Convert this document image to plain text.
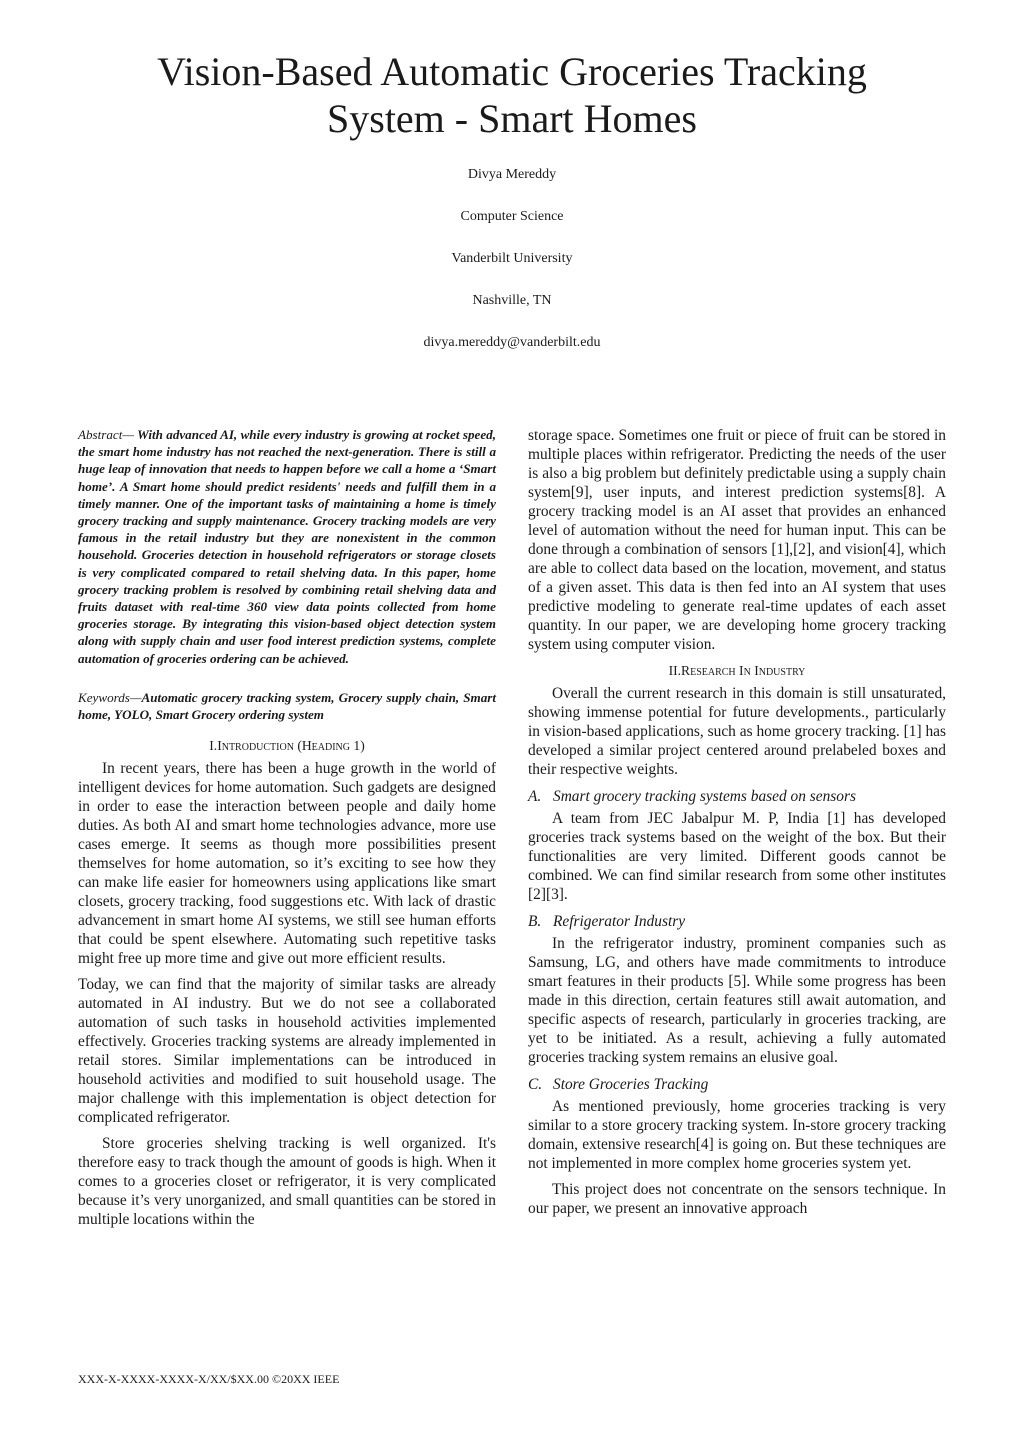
Vision-Based Automatic Groceries Tracking
System - Smart Homes
Divya Mereddy
Computer Science
Vanderbilt University
Nashville, TN
divya.mereddy@vanderbilt.edu

Abstract— With advanced AI, while every industry is growing at rocket speed, the smart home industry has not reached the next-generation. There is still a huge leap of innovation that needs to happen before we call a home a ‘Smart home’. A Smart home should predict residents' needs and fulfill them in a timely manner. One of the important tasks of maintaining a home is timely grocery tracking and supply maintenance. Grocery tracking models are very famous in the retail industry but they are nonexistent in the common household. Groceries detection in household refrigerators or storage closets is very complicated compared to retail shelving data. In this paper, home grocery tracking problem is resolved by combining retail shelving data and fruits dataset with real-time 360 view data points collected from home groceries storage. By integrating this vision-based object detection system along with supply chain and user food interest prediction systems, complete automation of groceries ordering can be achieved.

Keywords—Automatic grocery tracking system, Grocery supply chain, Smart home, YOLO, Smart Grocery ordering system

I.Introduction (Heading 1)

In recent years, there has been a huge growth in the world of intelligent devices for home automation. Such gadgets are designed in order to ease the interaction between people and daily home duties. As both AI and smart home technologies advance, more use cases emerge. It seems as though more possibilities present themselves for home automation, so it’s exciting to see how they can make life easier for homeowners using applications like smart closets, grocery tracking, food suggestions etc. With lack of drastic advancement in smart home AI systems, we still see human efforts that could be spent elsewhere. Automating such repetitive tasks might free up more time and give out more efficient results.

Today, we can find that the majority of similar tasks are already automated in AI industry. But we do not see a collaborated automation of such tasks in household activities implemented effectively. Groceries tracking systems are already implemented in retail stores. Similar implementations can be introduced in household activities and modified to suit household usage. The major challenge with this implementation is object detection for complicated refrigerator.

Store groceries shelving tracking is well organized. It's therefore easy to track though the amount of goods is high. When it comes to a groceries closet or refrigerator, it is very complicated because it’s very unorganized, and small quantities can be stored in multiple locations within the

storage space. Sometimes one fruit or piece of fruit can be stored in multiple places within refrigerator. Predicting the needs of the user is also a big problem but definitely predictable using a supply chain system[9], user inputs, and interest prediction systems[8]. A grocery tracking model is an AI asset that provides an enhanced level of automation without the need for human input. This can be done through a combination of sensors [1],[2], and vision[4], which are able to collect data based on the location, movement, and status of a given asset. This data is then fed into an AI system that uses predictive modeling to generate real-time updates of each asset quantity. In our paper, we are developing home grocery tracking system using computer vision.

II.Research In Industry

Overall the current research in this domain is still unsaturated, showing immense potential for future developments., particularly in vision-based applications, such as home grocery tracking. [1] has developed a similar project centered around prelabeled boxes and their respective weights.

A. Smart grocery tracking systems based on sensors

A team from JEC Jabalpur M. P, India [1] has developed groceries track systems based on the weight of the box. But their functionalities are very limited. Different goods cannot be combined. We can find similar research from some other institutes [2][3].

B. Refrigerator Industry

In the refrigerator industry, prominent companies such as Samsung, LG, and others have made commitments to introduce smart features in their products [5]. While some progress has been made in this direction, certain features still await automation, and specific aspects of research, particularly in groceries tracking, are yet to be initiated. As a result, achieving a fully automated groceries tracking system remains an elusive goal.

C. Store Groceries Tracking

As mentioned previously, home groceries tracking is very similar to a store grocery tracking system. In-store grocery tracking domain, extensive research[4] is going on. But these techniques are not implemented in more complex home groceries system yet.

This project does not concentrate on the sensors technique. In our paper, we present an innovative approach

XXX-X-XXXX-XXXX-X/XX/$XX.00 ©20XX IEEE
